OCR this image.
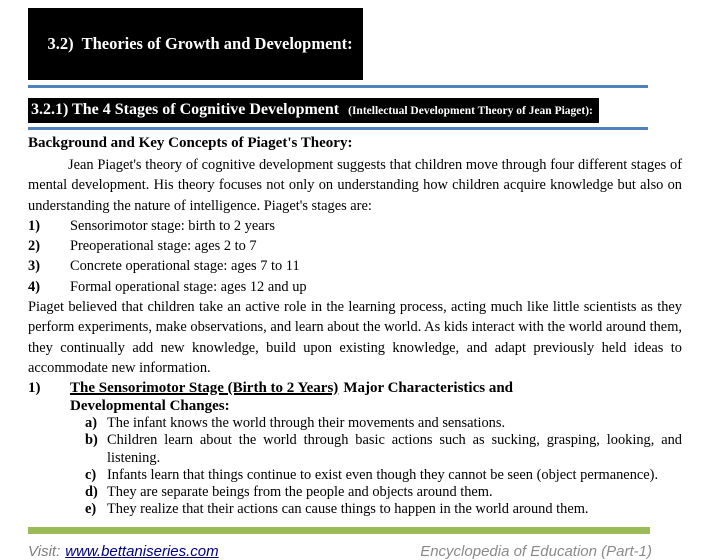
3.2)  Theories of Growth and Development:

3.2.1) The 4 Stages of Cognitive Development (Intellectual Development Theory of Jean Piaget):
Background and Key Concepts of Piaget's Theory:

Jean Piaget's theory of cognitive development suggests that children move through four different stages of mental development. His theory focuses not only on understanding how children acquire knowledge but also on understanding the nature of intelligence. Piaget's stages are:

1)	Sensorimotor stage: birth to 2 years
2)	Preoperational stage: ages 2 to 7
3)	Concrete operational stage: ages 7 to 11
4)	Formal operational stage: ages 12 and up

Piaget believed that children take an active role in the learning process, acting much like little scientists as they perform experiments, make observations, and learn about the world. As kids interact with the world around them, they continually add new knowledge, build upon existing knowledge, and adapt previously held ideas to accommodate new information.

1)	The Sensorimotor Stage (Birth to 2 Years) Major Characteristics and
Developmental Changes:
a) The infant knows the world through their movements and sensations.
b) Children learn about the world through basic actions such as sucking, grasping, looking, and listening.
c) Infants learn that things continue to exist even though they cannot be seen (object permanence).
d) They are separate beings from the people and objects around them.
e) They realize that their actions can cause things to happen in the world around them.
Visit: www.bettaniseries.com	Encyclopedia of Education (Part-1)
